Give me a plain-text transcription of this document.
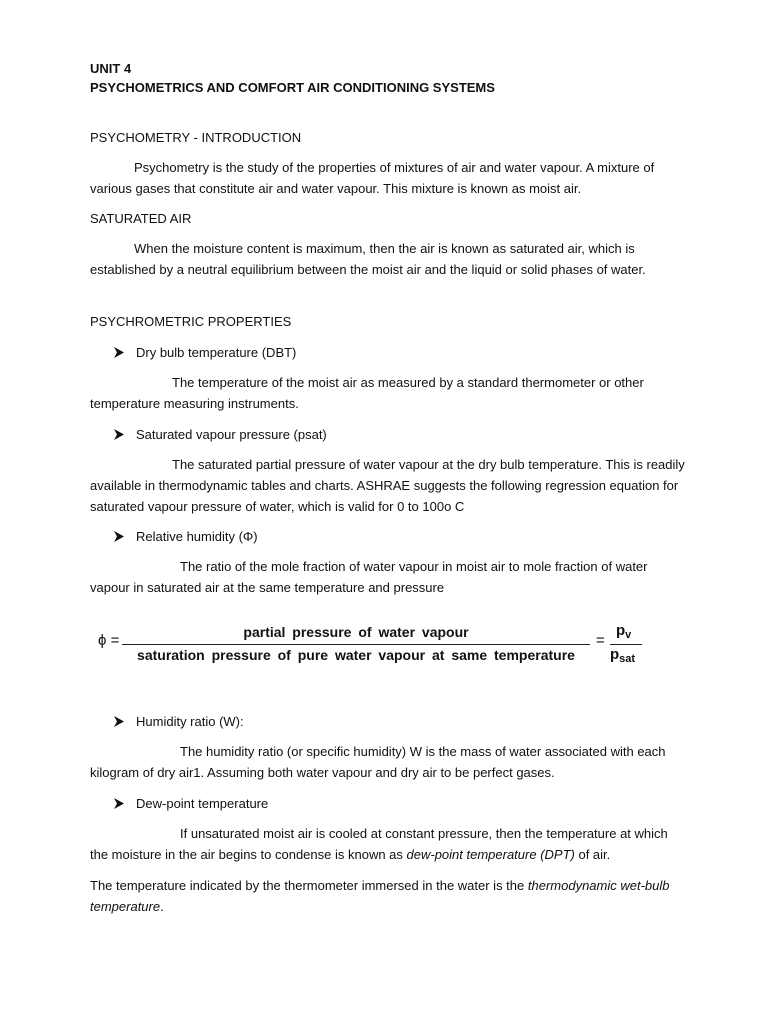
UNIT 4

PSYCHOMETRICS AND COMFORT AIR CONDITIONING SYSTEMS

PSYCHOMETRY - INTRODUCTION

Psychometry is the study of the properties of mixtures of air and water vapour. A mixture of various gases that constitute air and water vapour. This mixture is known as moist air.

SATURATED AIR

When the moisture content is maximum, then the air is known as saturated air, which is established by a neutral equilibrium between the moist air and the liquid or solid phases of water.

PSYCHROMETRIC PROPERTIES

Dry bulb temperature (DBT)

The temperature of the moist air as measured by a standard thermometer or other temperature measuring instruments.

Saturated vapour pressure (psat)

The saturated partial pressure of water vapour at the dry bulb temperature. This is readily available in thermodynamic tables and charts. ASHRAE suggests the following regression equation for saturated vapour pressure of water, which is valid for 0 to 100o C

Relative humidity (Φ)

The ratio of the mole fraction of water vapour in moist air to mole fraction of water vapour in saturated air at the same temperature and pressure

ϕ =	partial pressure of water vapour
saturation pressure of pure water vapour at same temperature
=
$p_v$
$p_{sat}$
Humidity ratio (W):

The humidity ratio (or specific humidity) W is the mass of water associated with each kilogram of dry air1. Assuming both water vapour and dry air to be perfect gases.

Dew-point temperature

If unsaturated moist air is cooled at constant pressure, then the temperature at which the moisture in the air begins to condense is known as dew-point temperature (DPT) of air.

The temperature indicated by the thermometer immersed in the water is the thermodynamic wet-bulb temperature.
